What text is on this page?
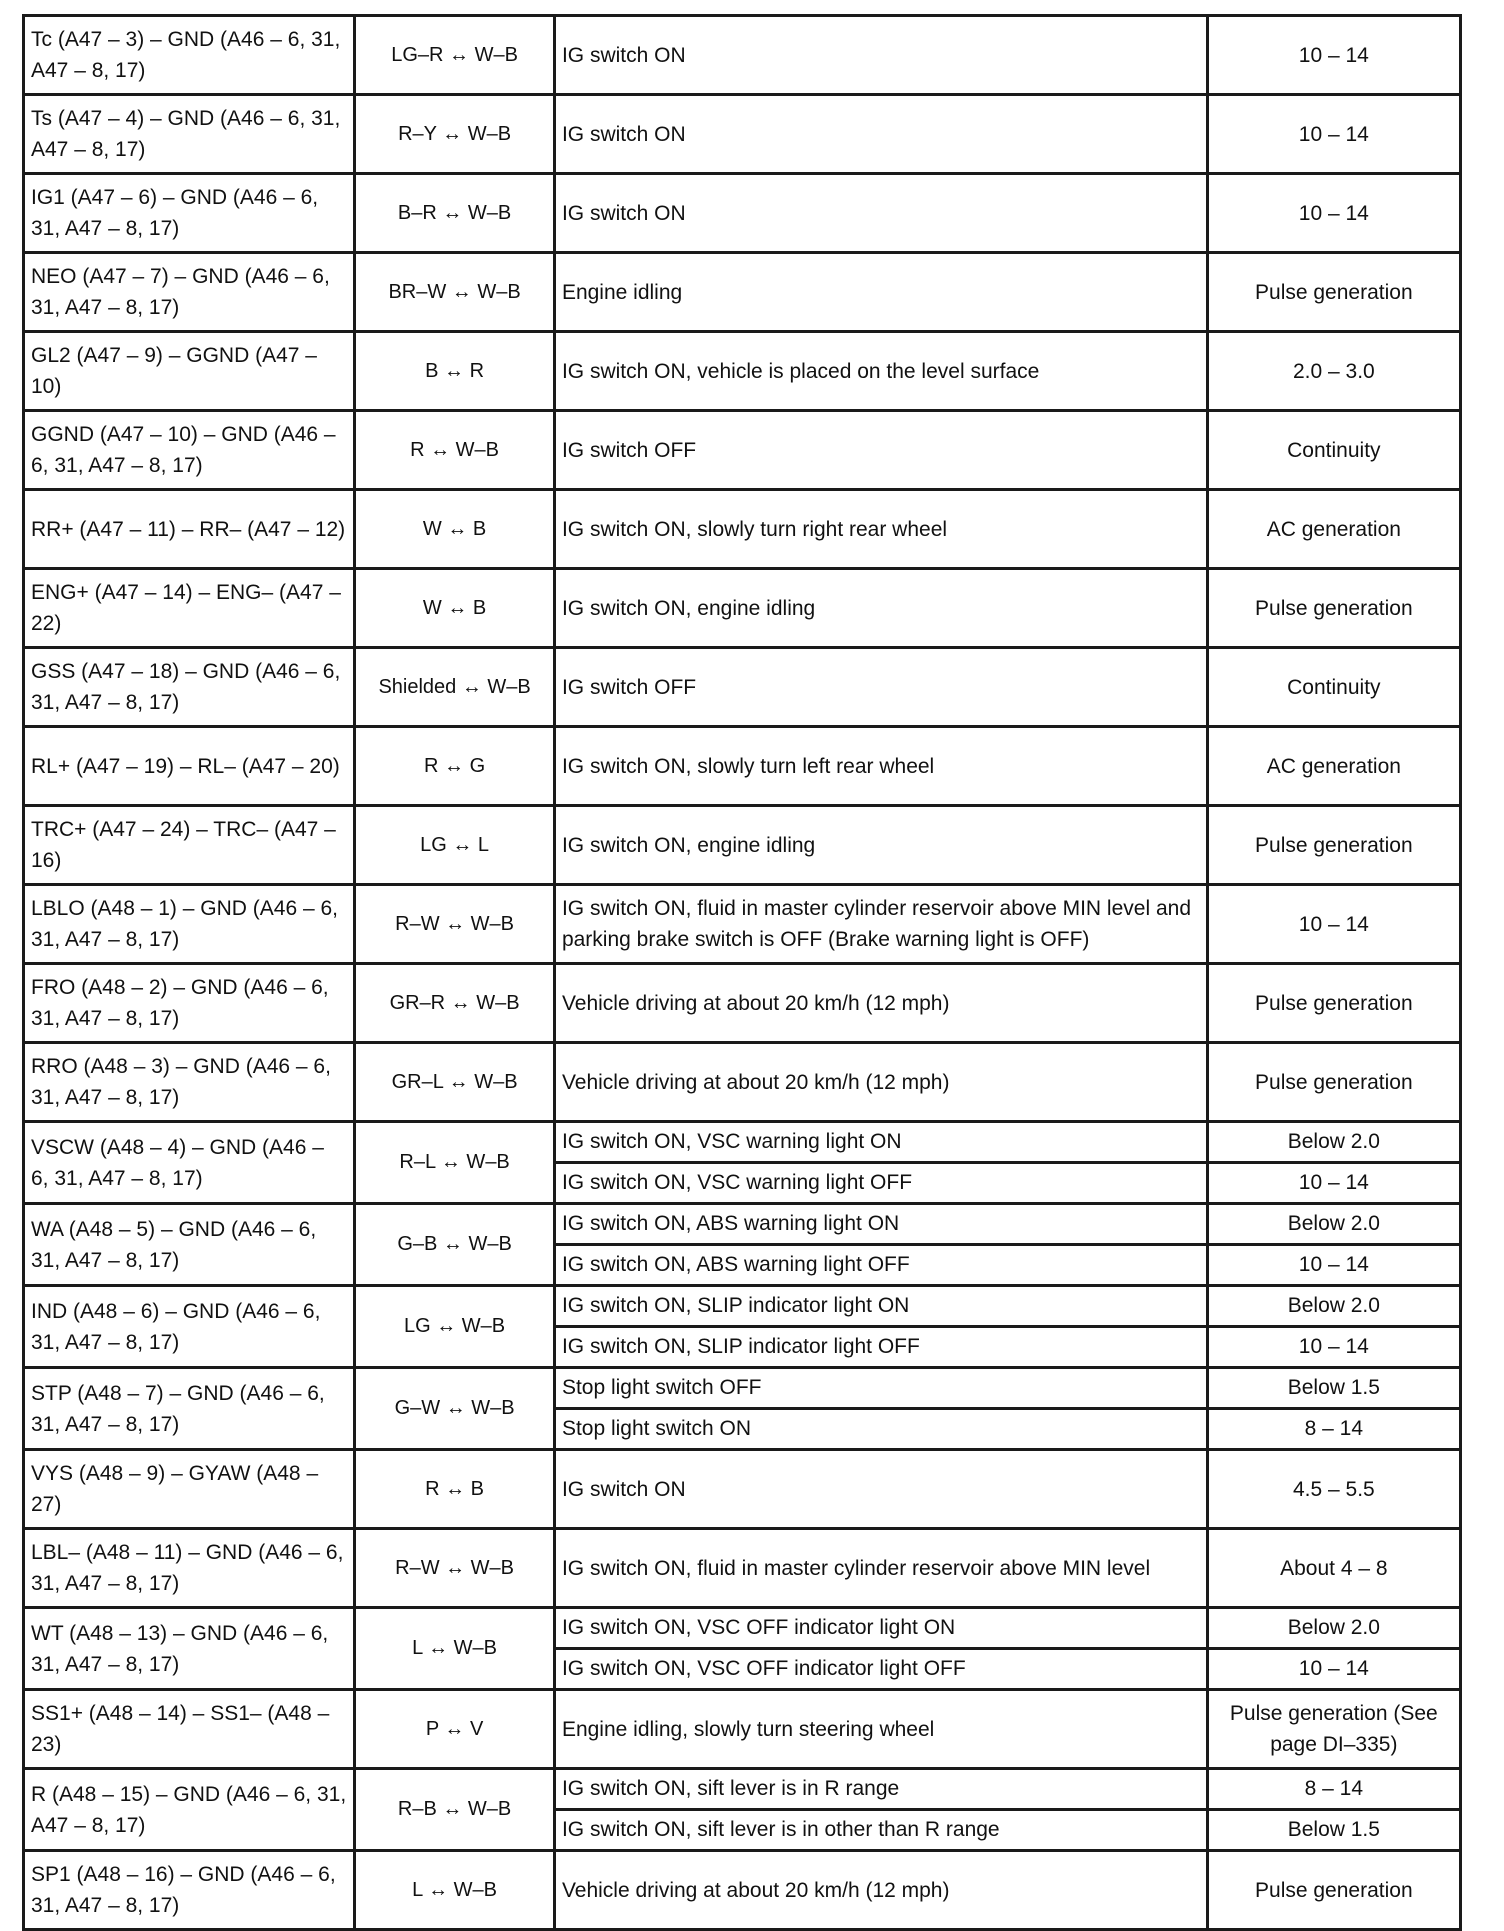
Tc (A47 – 3) – GND (A46 – 6, 31, A47 – 8, 17)	LG–R ↔ W–B	IG switch ON	10 – 14
Ts (A47 – 4) – GND (A46 – 6, 31, A47 – 8, 17)	R–Y ↔ W–B	IG switch ON	10 – 14
IG1 (A47 – 6) – GND (A46 – 6, 31, A47 – 8, 17)	B–R ↔ W–B	IG switch ON	10 – 14
NEO (A47 – 7) – GND (A46 – 6, 31, A47 – 8, 17)	BR–W ↔ W–B	Engine idling	Pulse generation
GL2 (A47 – 9) – GGND (A47 – 10)	B ↔ R	IG switch ON, vehicle is placed on the level surface	2.0 – 3.0
GGND (A47 – 10) – GND (A46 – 6, 31, A47 – 8, 17)	R ↔ W–B	IG switch OFF	Continuity
RR+ (A47 – 11) – RR– (A47 – 12)	W ↔ B	IG switch ON, slowly turn right rear wheel	AC generation
ENG+ (A47 – 14) – ENG– (A47 – 22)	W ↔ B	IG switch ON, engine idling	Pulse generation
GSS (A47 – 18) – GND (A46 – 6, 31, A47 – 8, 17)	Shielded ↔ W–B	IG switch OFF	Continuity
RL+ (A47 – 19) – RL– (A47 – 20)	R ↔ G	IG switch ON, slowly turn left rear wheel	AC generation
TRC+ (A47 – 24) – TRC– (A47 – 16)	LG ↔ L	IG switch ON, engine idling	Pulse generation
LBLO (A48 – 1) – GND (A46 – 6, 31, A47 – 8, 17)	R–W ↔ W–B	IG switch ON, fluid in master cylinder reservoir above MIN level and parking brake switch is OFF (Brake warning light is OFF)	10 – 14
FRO (A48 – 2) – GND (A46 – 6, 31, A47 – 8, 17)	GR–R ↔ W–B	Vehicle driving at about 20 km/h (12 mph)	Pulse generation
RRO (A48 – 3) – GND (A46 – 6, 31, A47 – 8, 17)	GR–L ↔ W–B	Vehicle driving at about 20 km/h (12 mph)	Pulse generation
VSCW (A48 – 4) – GND (A46 – 6, 31, A47 – 8, 17)	R–L ↔ W–B	IG switch ON, VSC warning light ON	Below 2.0
		IG switch ON, VSC warning light OFF	10 – 14
WA (A48 – 5) – GND (A46 – 6, 31, A47 – 8, 17)	G–B ↔ W–B	IG switch ON, ABS warning light ON	Below 2.0
		IG switch ON, ABS warning light OFF	10 – 14
IND (A48 – 6) – GND (A46 – 6, 31, A47 – 8, 17)	LG ↔ W–B	IG switch ON, SLIP indicator light ON	Below 2.0
		IG switch ON, SLIP indicator light OFF	10 – 14
STP (A48 – 7) – GND (A46 – 6, 31, A47 – 8, 17)	G–W ↔ W–B	Stop light switch OFF	Below 1.5
		Stop light switch ON	8 – 14
VYS (A48 – 9) – GYAW (A48 – 27)	R ↔ B	IG switch ON	4.5 – 5.5
LBL– (A48 – 11) – GND (A46 – 6, 31, A47 – 8, 17)	R–W ↔ W–B	IG switch ON, fluid in master cylinder reservoir above MIN level	About 4 – 8
WT (A48 – 13) – GND (A46 – 6, 31, A47 – 8, 17)	L ↔ W–B	IG switch ON, VSC OFF indicator light ON	Below 2.0
		IG switch ON, VSC OFF indicator light OFF	10 – 14
SS1+ (A48 – 14) – SS1– (A48 – 23)	P ↔ V	Engine idling, slowly turn steering wheel	Pulse generation (See page DI–335)
R (A48 – 15) – GND (A46 – 6, 31, A47 – 8, 17)	R–B ↔ W–B	IG switch ON, sift lever is in R range	8 – 14
		IG switch ON, sift lever is in other than R range	Below 1.5
SP1 (A48 – 16) – GND (A46 – 6, 31, A47 – 8, 17)	L ↔ W–B	Vehicle driving at about 20 km/h (12 mph)	Pulse generation
